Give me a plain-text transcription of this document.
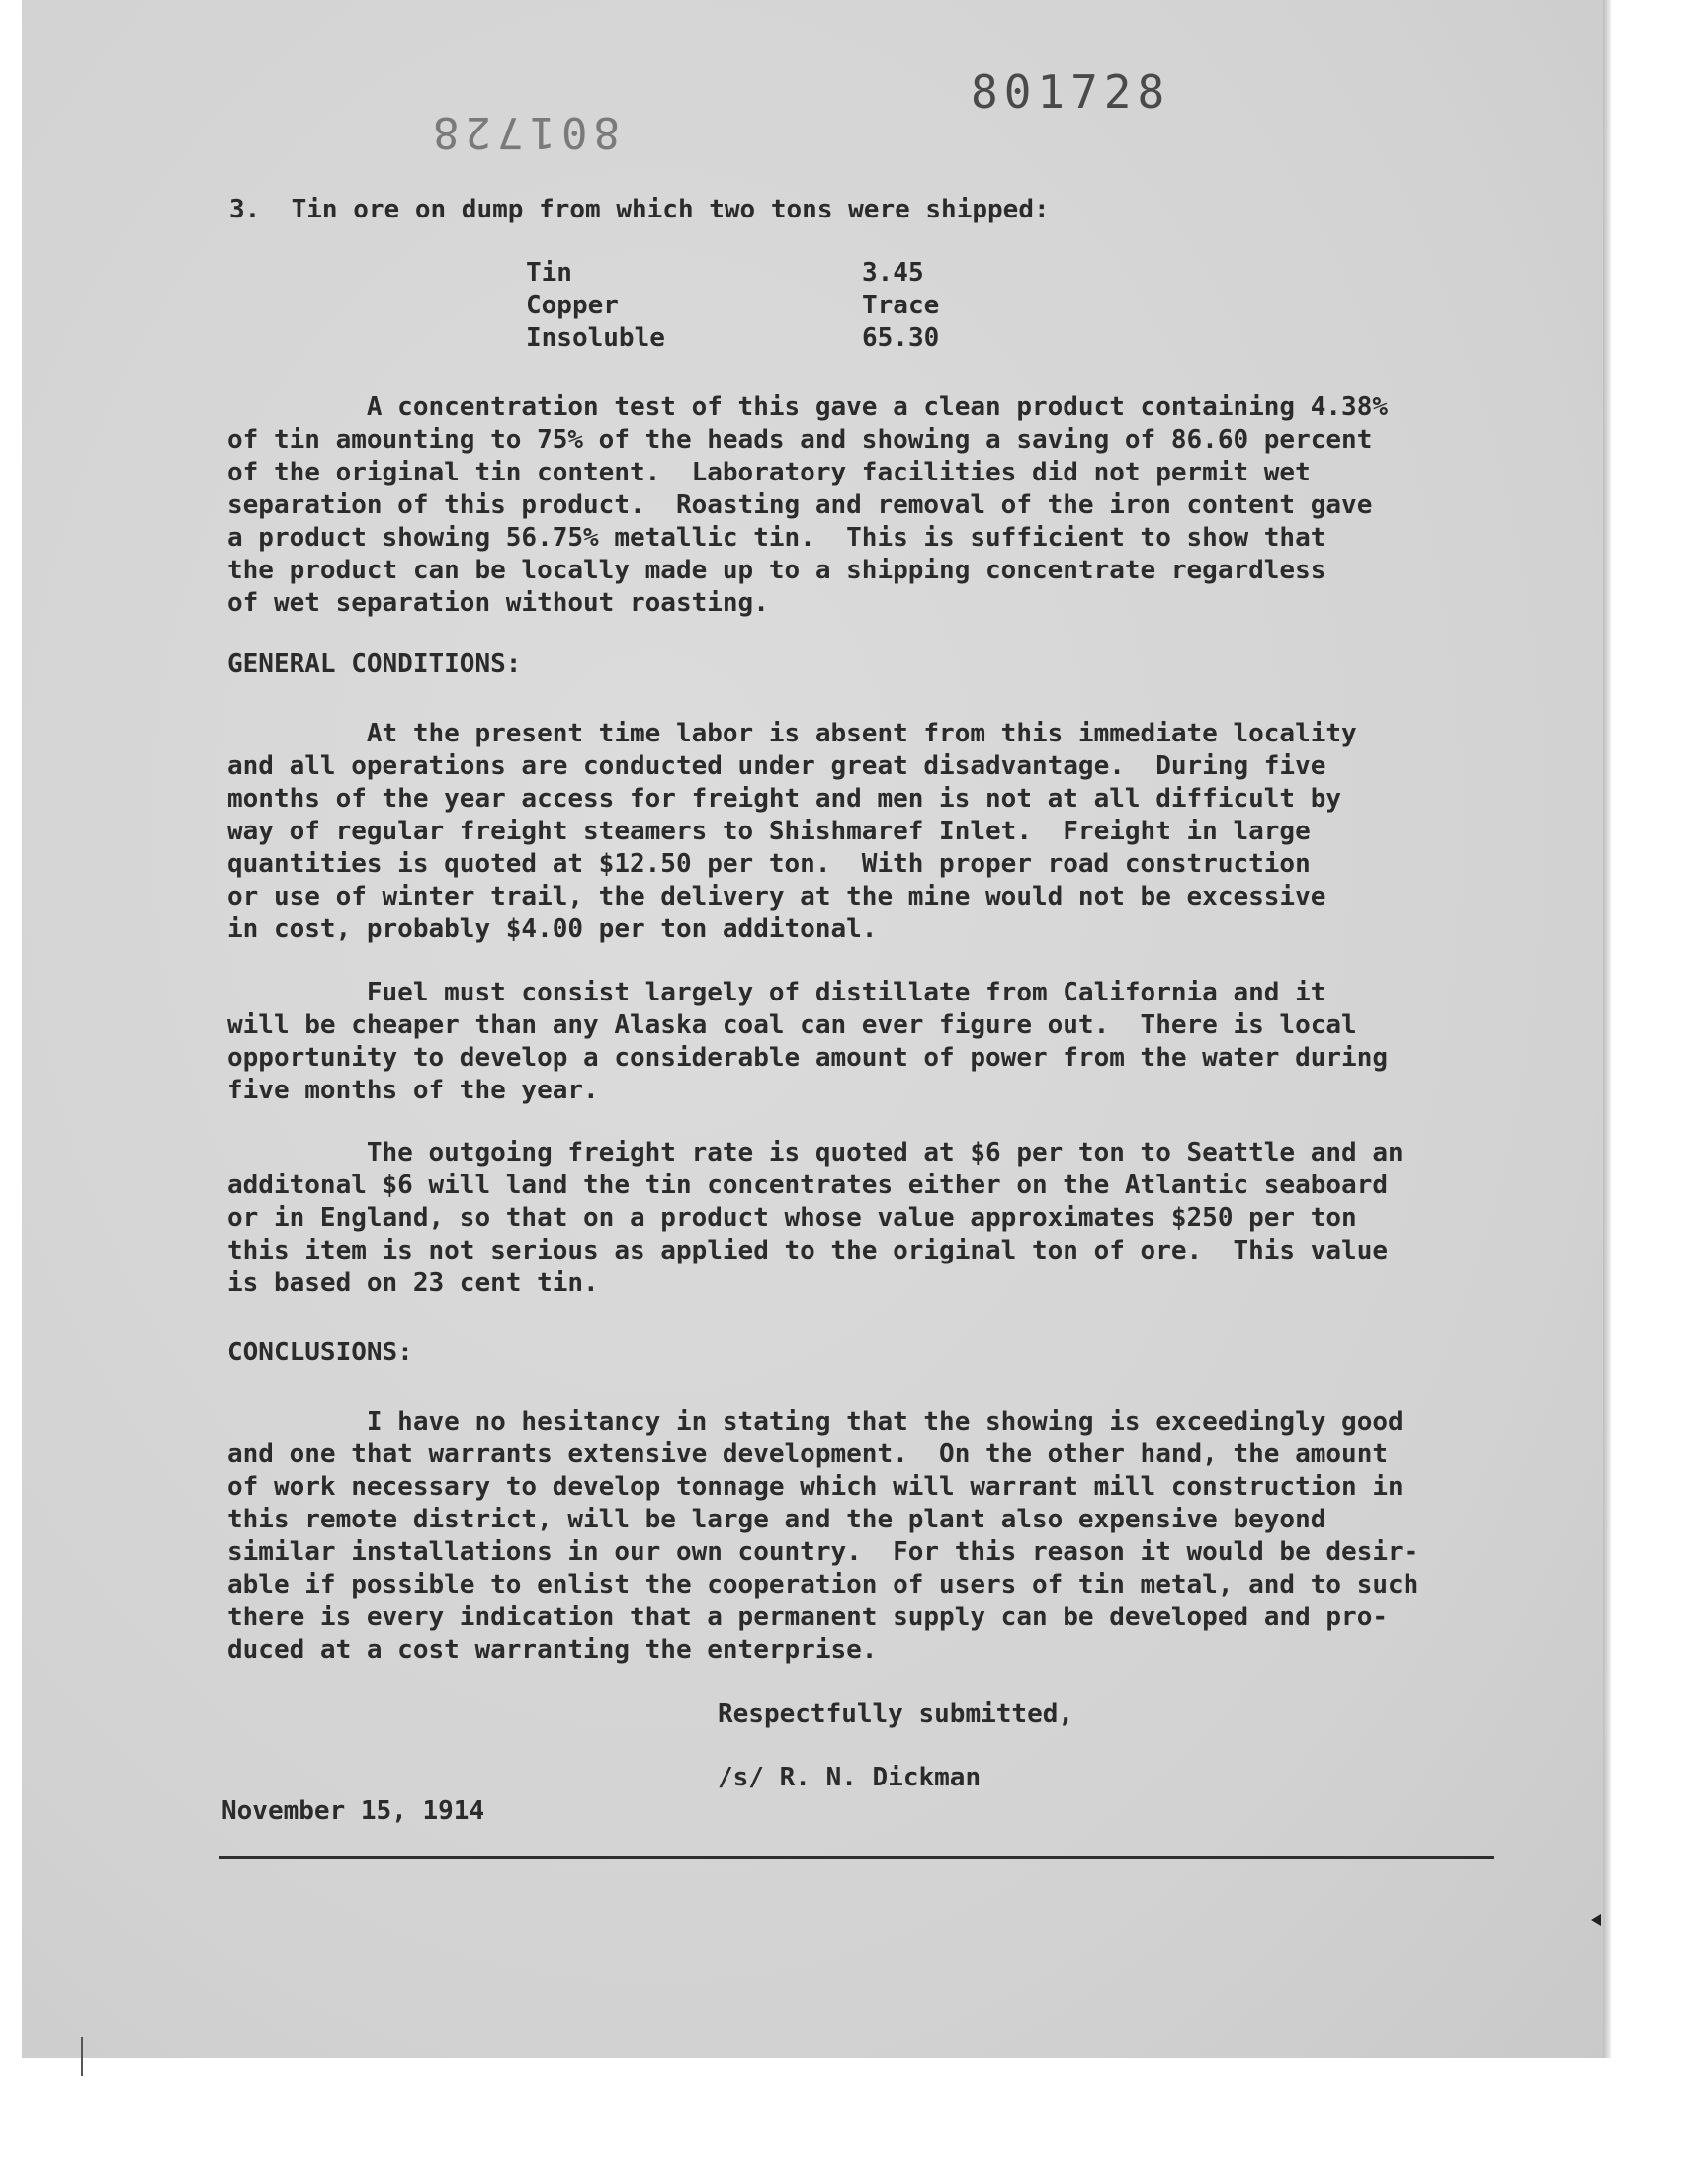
801728
801728
3.  Tin ore on dump from which two tons were shipped:
Tin	3.45
Copper	Trace
Insoluble	65.30
A concentration test of this gave a clean product containing 4.38%
of tin amounting to 75% of the heads and showing a saving of 86.60 percent
of the original tin content.  Laboratory facilities did not permit wet
separation of this product.  Roasting and removal of the iron content gave
a product showing 56.75% metallic tin.  This is sufficient to show that
the product can be locally made up to a shipping concentrate regardless
of wet separation without roasting.
GENERAL CONDITIONS:
At the present time labor is absent from this immediate locality
and all operations are conducted under great disadvantage.  During five
months of the year access for freight and men is not at all difficult by
way of regular freight steamers to Shishmaref Inlet.  Freight in large
quantities is quoted at $12.50 per ton.  With proper road construction
or use of winter trail, the delivery at the mine would not be excessive
in cost, probably $4.00 per ton additonal.
Fuel must consist largely of distillate from California and it
will be cheaper than any Alaska coal can ever figure out.  There is local
opportunity to develop a considerable amount of power from the water during
five months of the year.
The outgoing freight rate is quoted at $6 per ton to Seattle and an
additonal $6 will land the tin concentrates either on the Atlantic seaboard
or in England, so that on a product whose value approximates $250 per ton
this item is not serious as applied to the original ton of ore.  This value
is based on 23 cent tin.
CONCLUSIONS:
I have no hesitancy in stating that the showing is exceedingly good
and one that warrants extensive development.  On the other hand, the amount
of work necessary to develop tonnage which will warrant mill construction in
this remote district, will be large and the plant also expensive beyond
similar installations in our own country.  For this reason it would be desir-
able if possible to enlist the cooperation of users of tin metal, and to such
there is every indication that a permanent supply can be developed and pro-
duced at a cost warranting the enterprise.
Respectfully submitted,
/s/ R. N. Dickman
November 15, 1914
